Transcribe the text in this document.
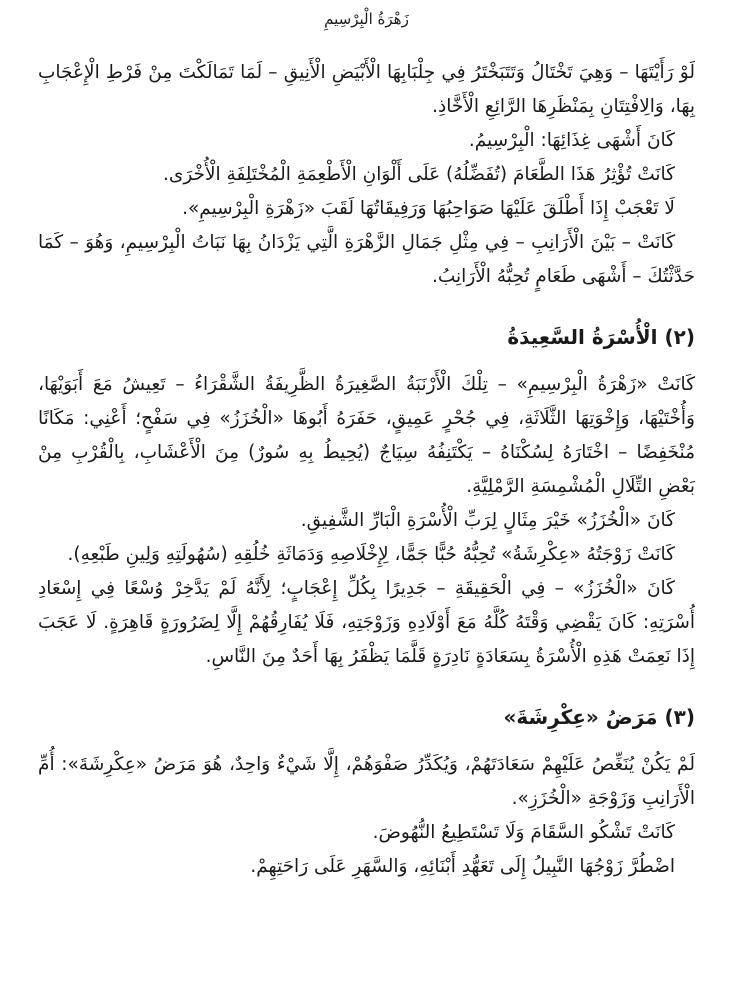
زَهْرَةُ الْبِرْسِيمِ

لَوْ رَأَيْتَهَا – وَهِيَ تَخْتَالُ وَتَتَبَخْتَرُ فِي جِلْبَابِهَا الْأَبْيَضِ الْأَنِيقِ – لَمَا تَمَالَكْتَ مِنْ فَرْطِ الْإِعْجَابِ بِهَا، وَالِافْتِتَانِ بِمَنْظَرِهَا الرَّائِعِ الْأَخَّاذِ.

كَانَ أَشْهَى غِذَائِهَا: الْبِرْسِيمُ.

كَانَتْ تُؤْثِرُ هَذَا الطَّعَامَ (تُفَضِّلُهُ) عَلَى أَلْوَانِ الْأَطْعِمَةِ الْمُخْتَلِفَةِ الْأُخْرَى.

لَا تَعْجَبْ إِذَا أَطْلَقَ عَلَيْهَا صَوَاحِبُهَا وَرَفِيقَاتُهَا لَقَبَ «زَهْرَةِ الْبِرْسِيمِ».

كَانَتْ – بَيْنَ الْأَرَانِبِ – فِي مِثْلِ جَمَالِ الزَّهْرَةِ الَّتِي يَزْدَانُ بِهَا نَبَاتُ الْبِرْسِيمِ، وَهُوَ – كَمَا حَدَّثْتُكَ – أَشْهَى طَعَامٍ تُحِبُّهُ الْأَرَانِبُ.

(٢) الْأُسْرَةُ السَّعِيدَةُ

كَانَتْ «زَهْرَةُ الْبِرْسِيمِ» – تِلْكَ الْأَرْنَبَةُ الصَّغِيرَةُ الظَّرِيفَةُ الشَّقْرَاءُ – تَعِيشُ مَعَ أَبَوَيْهَا، وَأُخْتَيْهَا، وَإِخْوَتِهَا الثَّلَاثَةِ، فِي جُحْرٍ عَمِيقٍ، حَفَرَهُ أَبُوهَا «الْخُزَزُ» فِي سَفْحٍ؛ أَعْنِي: مَكَانًا مُنْخَفِضًا – اخْتَارَهُ لِسُكْنَاهُ – يَكْتَنِفُهُ سِيَاجٌ (يُحِيطُ بِهِ سُورٌ) مِنَ الْأَعْشَابِ، بِالْقُرْبِ مِنْ بَعْضِ التِّلَالِ الْمُشْمِسَةِ الرَّمْلِيَّةِ.

كَانَ «الْخُزَزُ» خَيْرَ مِثَالٍ لِرَبِّ الْأُسْرَةِ الْبَارِّ الشَّفِيقِ.

كَانَتْ زَوْجَتُهُ «عِكْرِشَةُ» تُحِبُّهُ حُبًّا جَمًّا، لِإِخْلَاصِهِ وَدَمَاثَةِ خُلُقِهِ (سُهُولَتِهِ وَلِينِ طَبْعِهِ).

كَانَ «الْخُزَزُ» – فِي الْحَقِيقَةِ – جَدِيرًا بِكُلِّ إِعْجَابٍ؛ لِأَنَّهُ لَمْ يَدَّخِرْ وُسْعًا فِي إِسْعَادِ أُسْرَتِهِ: كَانَ يَقْضِي وَقْتَهُ كُلَّهُ مَعَ أَوْلَادِهِ وَزَوْجَتِهِ، فَلَا يُفَارِقُهُمْ إِلَّا لِضَرُورَةٍ قَاهِرَةٍ. لَا عَجَبَ إِذَا نَعِمَتْ هَذِهِ الْأُسْرَةُ بِسَعَادَةٍ نَادِرَةٍ قَلَّمَا يَظْفَرُ بِهَا أَحَدٌ مِنَ النَّاسِ.

(٣) مَرَضُ «عِكْرِشَةَ»

لَمْ يَكُنْ يُنَغِّصُ عَلَيْهِمْ سَعَادَتَهُمْ، وَيُكَدِّرُ صَفْوَهُمْ، إِلَّا شَيْءٌ وَاحِدٌ، هُوَ مَرَضُ «عِكْرِشَةَ»: أُمِّ الْأَرَانِبِ وَزَوْجَةِ «الْخُزَزِ».

كَانَتْ تَشْكُو السَّقَامَ وَلَا تَسْتَطِيعُ النُّهُوضَ.

اضْطُرَّ زَوْجُهَا النَّبِيلُ إِلَى تَعَهُّدِ أَبْنَائِهِ، وَالسَّهَرِ عَلَى رَاحَتِهِمْ.
